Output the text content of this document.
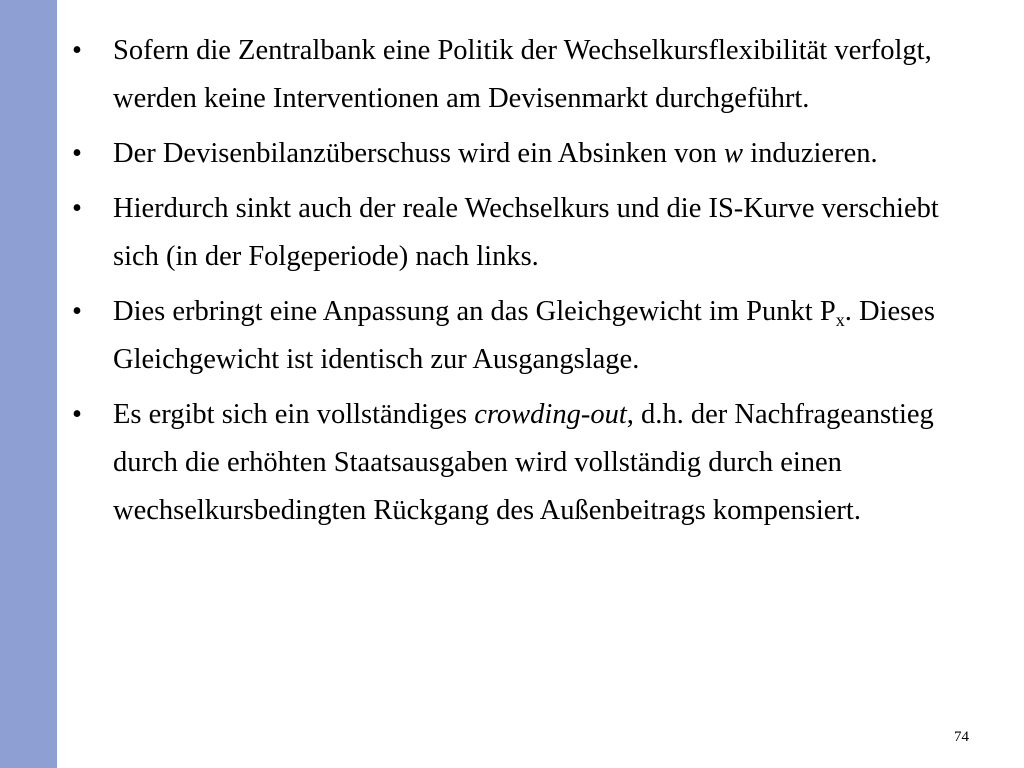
• Sofern die Zentralbank eine Politik der Wechselkursflexibilität verfolgt, werden keine Interventionen am Devisenmarkt durchgeführt.
• Der Devisenbilanzüberschuss wird ein Absinken von w induzieren.
• Hierdurch sinkt auch der reale Wechselkurs und die IS-Kurve verschiebt sich (in der Folgeperiode) nach links.
• Dies erbringt eine Anpassung an das Gleichgewicht im Punkt $P_x$. Dieses Gleichgewicht ist identisch zur Ausgangslage.
• Es ergibt sich ein vollständiges crowding-out, d.h. der Nachfrageanstieg durch die erhöhten Staatsausgaben wird vollständig durch einen wechselkursbedingten Rückgang des Außenbeitrags kompensiert.
74
